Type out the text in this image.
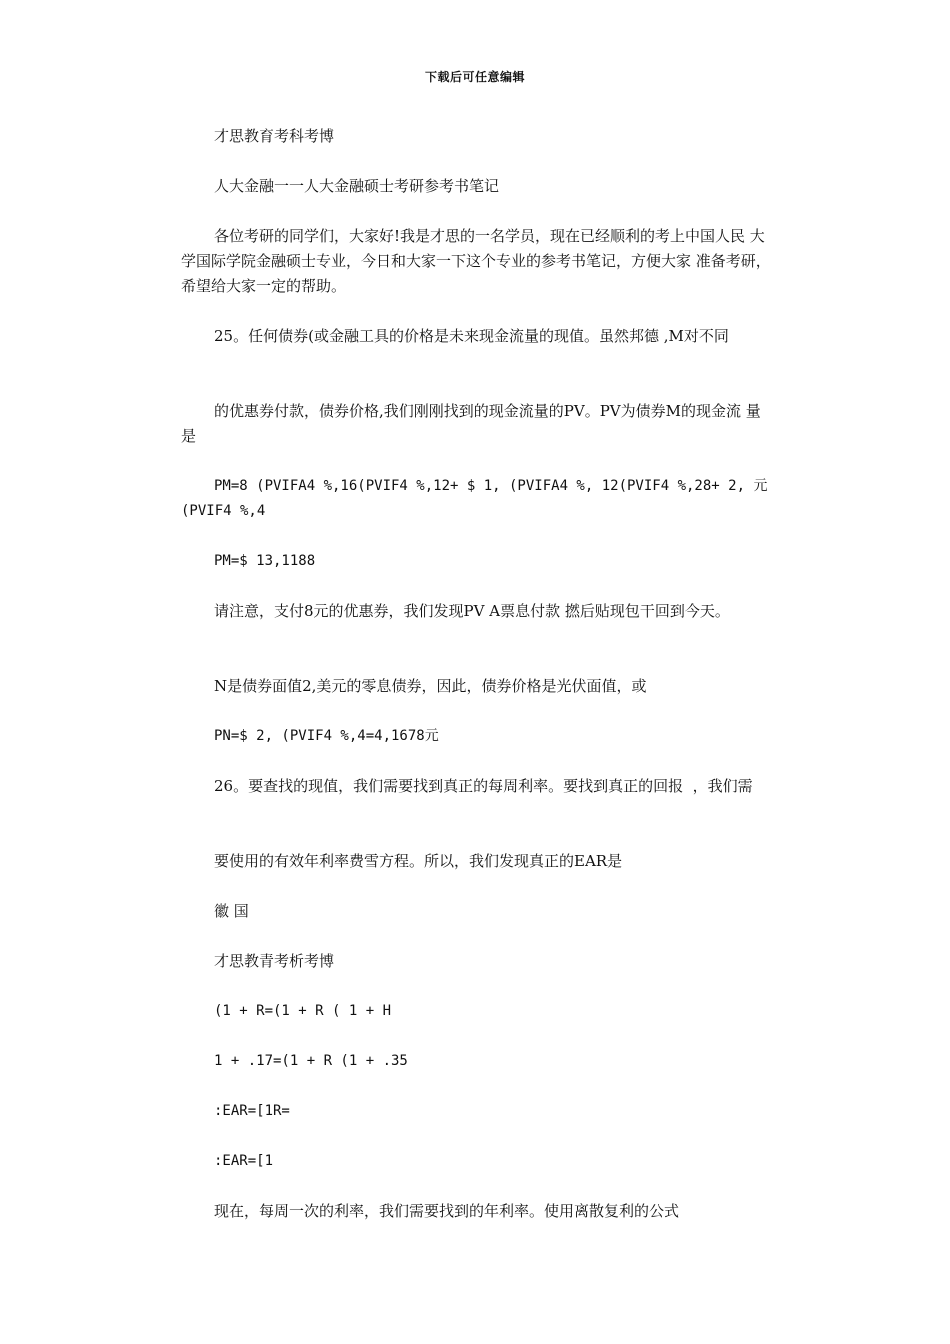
下载后可任意编辑
才思教育考科考博
人大金融一一人大金融硕士考研参考书笔记
各位考研的同学们，大家好!我是才思的一名学员，现在已经顺利的考上中国人民 大学国际学院金融硕士专业，今日和大家一下这个专业的参考书笔记，方便大家 准备考研，希望给大家一定的帮助。
25。任何债券(或金融工具的价格是未来现金流量的现值。虽然邦德 ,M对不同
的优惠券付款，债券价格,我们刚刚找到的现金流量的PV。PV为债券M的现金流 量是
PM=8 (PVIFA4 %,16(PVIF4 %,12+ $ 1, (PVIFA4 %, 12(PVIF4 %,28+ 2, 元(PVIF4 %,4
PM=$ 13,1188
请注意，支付8元的优惠券，我们发现PV A票息付款 撚后贴现包干回到今天。
N是债券面值2,美元的零息债券，因此，债券价格是光伏面值，或
PN=$ 2, (PVIF4 %,4=4,1678元
26。要查找的现值，我们需要找到真正的每周利率。要找到真正的回报  ，我们需
要使用的有效年利率费雪方程。所以，我们发现真正的EAR是
徽 国
才思教青考析考博
(1 + R=(1 + R ( 1 + H
1 + .17=(1 + R (1 + .35
:EAR=[1R=
:EAR=[1
现在，每周一次的利率，我们需要找到的年利率。使用离散复利的公式
